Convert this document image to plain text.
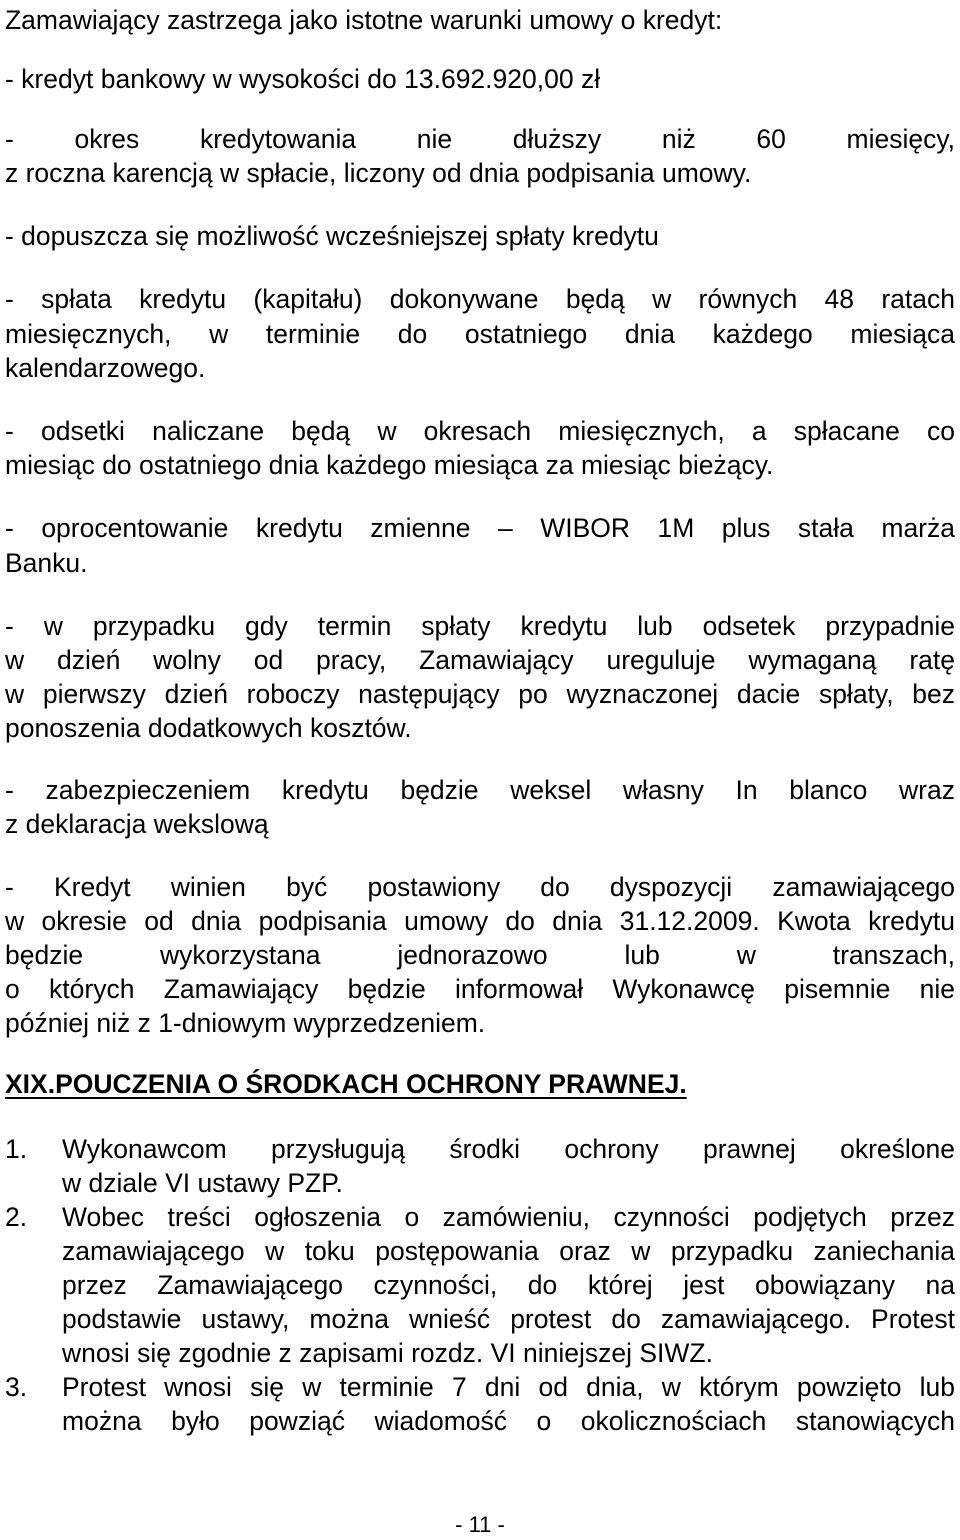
Zamawiający zastrzega jako istotne warunki umowy o kredyt:
- kredyt bankowy w wysokości do 13.692.920,00 zł
- okres kredytowania nie dłuższy niż 60 miesięcy,
z roczna karencją w spłacie, liczony od dnia podpisania umowy.
- dopuszcza się możliwość wcześniejszej spłaty kredytu
- spłata kredytu (kapitału) dokonywane będą w równych 48 ratach
miesięcznych, w terminie do ostatniego dnia każdego miesiąca
kalendarzowego.
- odsetki naliczane będą w okresach miesięcznych, a spłacane co
miesiąc do ostatniego dnia każdego miesiąca za miesiąc bieżący.
- oprocentowanie kredytu zmienne – WIBOR 1M plus stała marża
Banku.
- w przypadku gdy termin spłaty kredytu lub odsetek przypadnie
w dzień wolny od pracy, Zamawiający ureguluje wymaganą ratę
w pierwszy dzień roboczy następujący po wyznaczonej dacie spłaty, bez
ponoszenia dodatkowych kosztów.
- zabezpieczeniem kredytu będzie weksel własny In blanco wraz
z deklaracja wekslową
- Kredyt winien być postawiony do dyspozycji zamawiającego
w okresie od dnia podpisania umowy do dnia 31.12.2009. Kwota kredytu
będzie wykorzystana jednorazowo lub w transzach,
o których Zamawiający będzie informował Wykonawcę pisemnie nie
później niż z 1-dniowym wyprzedzeniem.
XIX.POUCZENIA O ŚRODKACH OCHRONY PRAWNEJ.
1. Wykonawcom przysługują środki ochrony prawnej określone
w dziale VI ustawy PZP.
2. Wobec treści ogłoszenia o zamówieniu, czynności podjętych przez
zamawiającego w toku postępowania oraz w przypadku zaniechania
przez Zamawiającego czynności, do której jest obowiązany na
podstawie ustawy, można wnieść protest do zamawiającego. Protest
wnosi się zgodnie z zapisami rozdz. VI niniejszej SIWZ.
3. Protest wnosi się w terminie 7 dni od dnia, w którym powzięto lub
można było powziąć wiadomość o okolicznościach stanowiących
- 11 -
